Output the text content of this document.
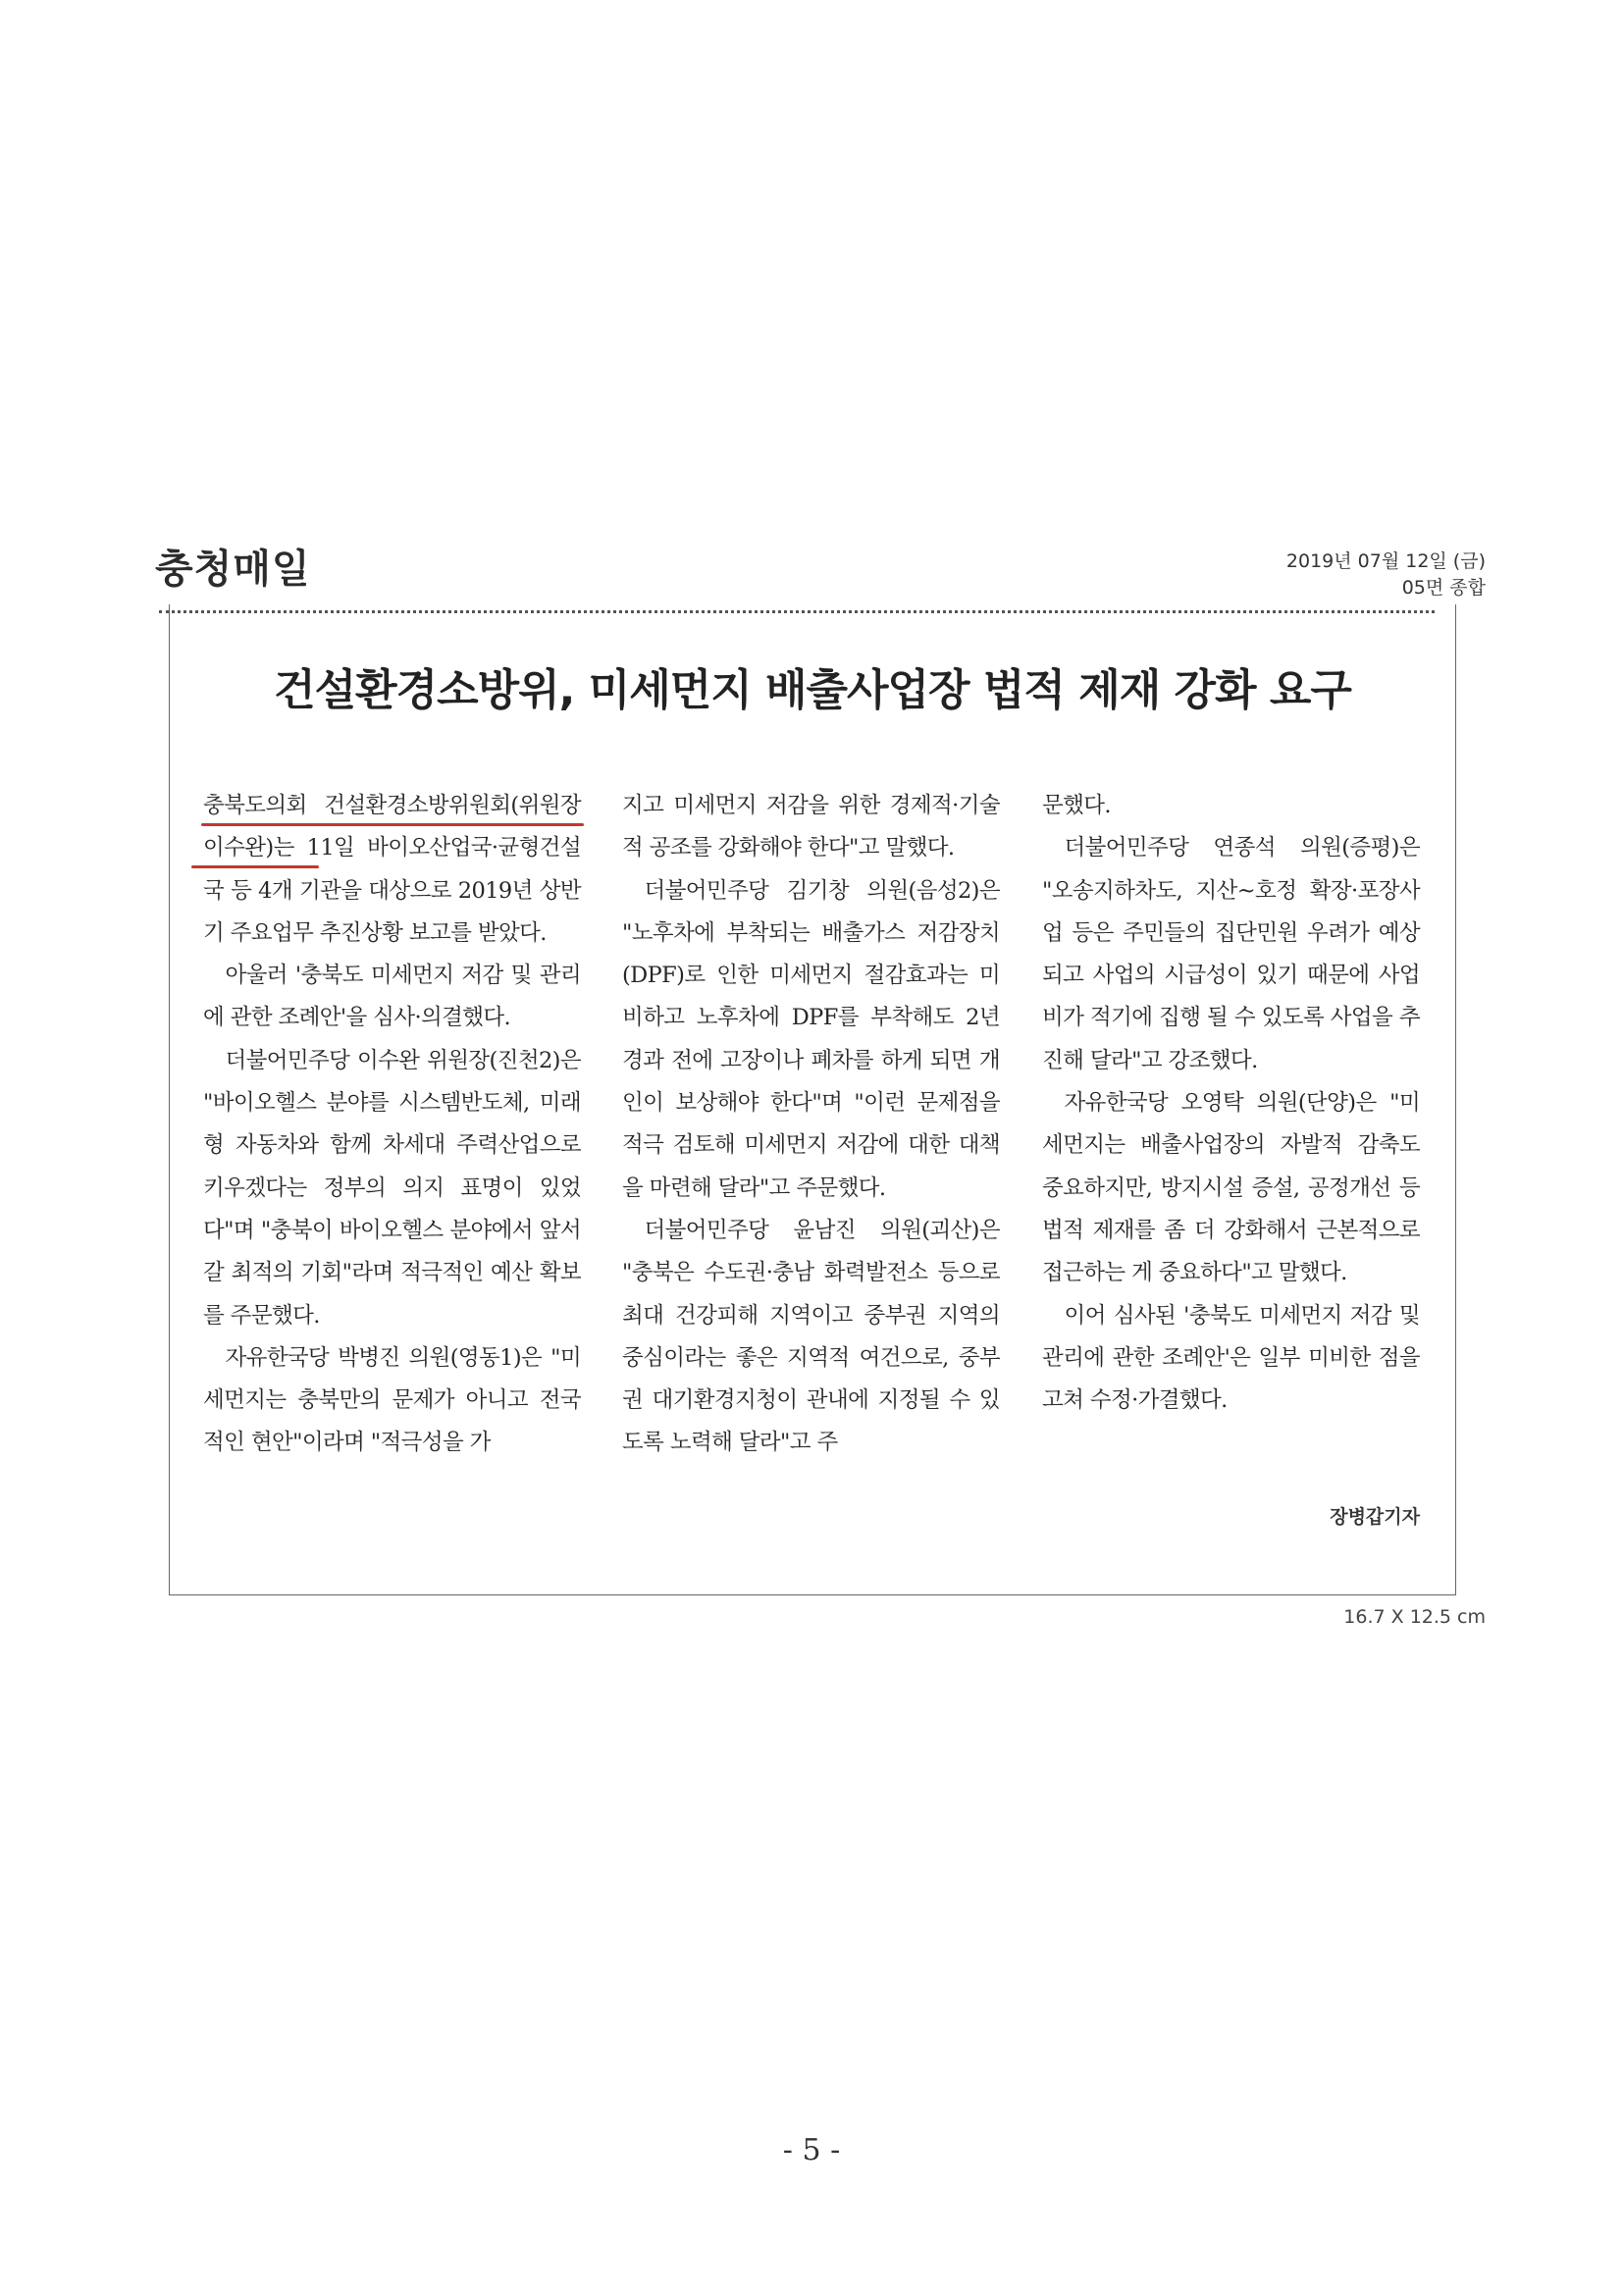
충청매일	2019년 07월 12일 (금)
05면 종합
건설환경소방위, 미세먼지 배출사업장 법적 제재 강화 요구

충북도의회 건설환경소방위원회(위원장 이수완)는 11일 바이오산업국·균형건설국 등 4개 기관을 대상으로 2019년 상반기 주요업무 추진상황 보고를 받았다.

아울러 '충북도 미세먼지 저감 및 관리에 관한 조례안'을 심사·의결했다.

더불어민주당 이수완 위원장(진천2)은 "바이오헬스 분야를 시스템반도체, 미래형 자동차와 함께 차세대 주력산업으로 키우겠다는 정부의 의지 표명이 있었다"며 "충북이 바이오헬스 분야에서 앞서갈 최적의 기회"라며 적극적인 예산 확보를 주문했다.

자유한국당 박병진 의원(영동1)은 "미세먼지는 충북만의 문제가 아니고 전국적인 현안"이라며 "적극성을 가

지고 미세먼지 저감을 위한 경제적·기술적 공조를 강화해야 한다"고 말했다.

더불어민주당 김기창 의원(음성2)은 "노후차에 부착되는 배출가스 저감장치(DPF)로 인한 미세먼지 절감효과는 미비하고 노후차에 DPF를 부착해도 2년 경과 전에 고장이나 폐차를 하게 되면 개인이 보상해야 한다"며 "이런 문제점을 적극 검토해 미세먼지 저감에 대한 대책을 마련해 달라"고 주문했다.

더불어민주당 윤남진 의원(괴산)은 "충북은 수도권·충남 화력발전소 등으로 최대 건강피해 지역이고 중부권 지역의 중심이라는 좋은 지역적 여건으로, 중부권 대기환경지청이 관내에 지정될 수 있도록 노력해 달라"고 주

문했다.

더불어민주당 연종석 의원(증평)은 "오송지하차도, 지산~호정 확장·포장사업 등은 주민들의 집단민원 우려가 예상되고 사업의 시급성이 있기 때문에 사업비가 적기에 집행 될 수 있도록 사업을 추진해 달라"고 강조했다.

자유한국당 오영탁 의원(단양)은 "미세먼지는 배출사업장의 자발적 감축도 중요하지만, 방지시설 증설, 공정개선 등 법적 제재를 좀 더 강화해서 근본적으로 접근하는 게 중요하다"고 말했다.

이어 심사된 '충북도 미세먼지 저감 및 관리에 관한 조례안'은 일부 미비한 점을 고쳐 수정·가결했다.

장병갑기자
16.7 X 12.5 cm
- 5 -
